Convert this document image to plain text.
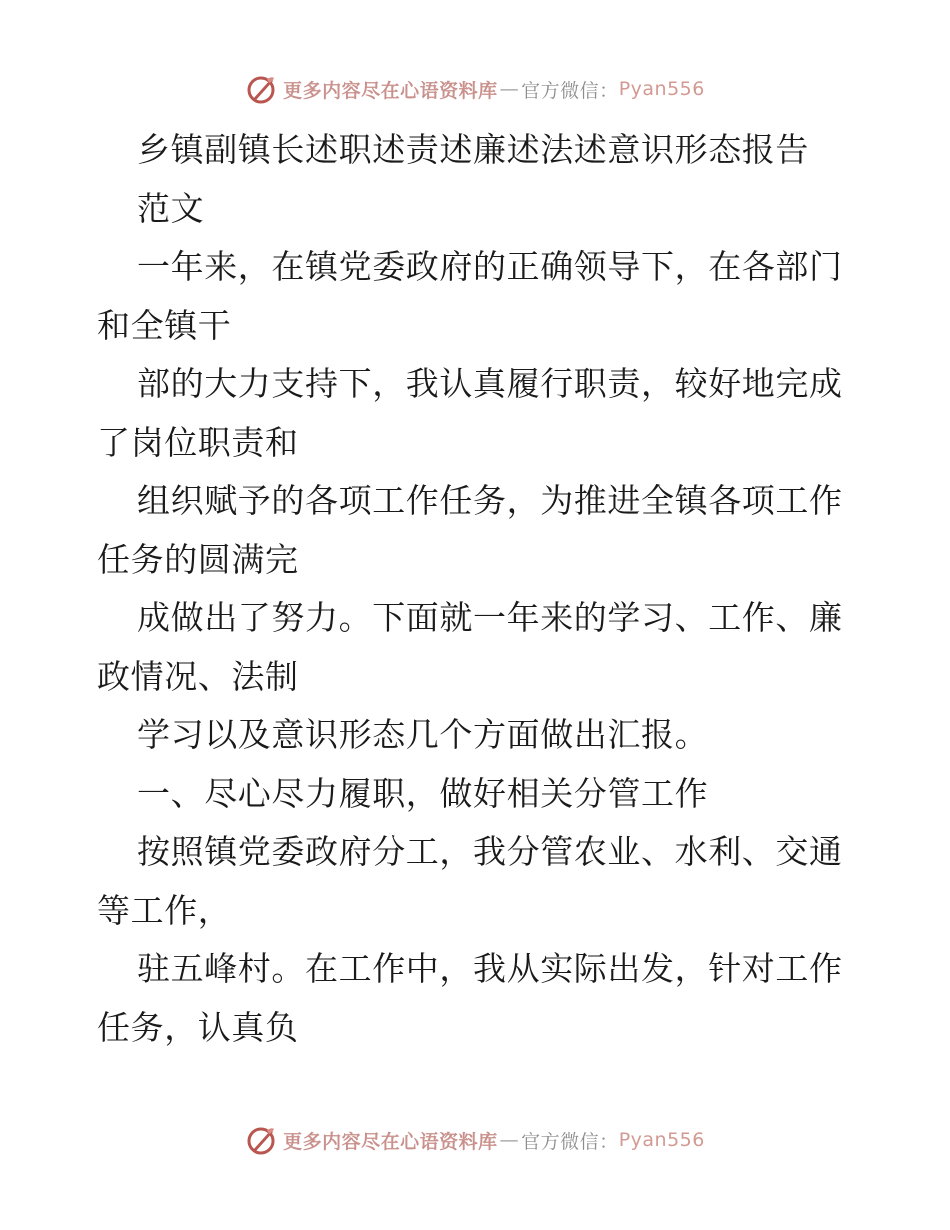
更多内容尽在心语资料库 — 官方微信： Pyan556

乡镇副镇长述职述责述廉述法述意识形态报告

范文

一年来，在镇党委政府的正确领导下，在各部门
和全镇干

部的大力支持下，我认真履行职责，较好地完成
了岗位职责和

组织赋予的各项工作任务，为推进全镇各项工作
任务的圆满完

成做出了努力。下面就一年来的学习、工作、廉
政情况、法制

学习以及意识形态几个方面做出汇报。

一、尽心尽力履职，做好相关分管工作

按照镇党委政府分工，我分管农业、水利、交通
等工作，

驻五峰村。在工作中，我从实际出发，针对工作
任务，认真负

更多内容尽在心语资料库 — 官方微信： Pyan556
